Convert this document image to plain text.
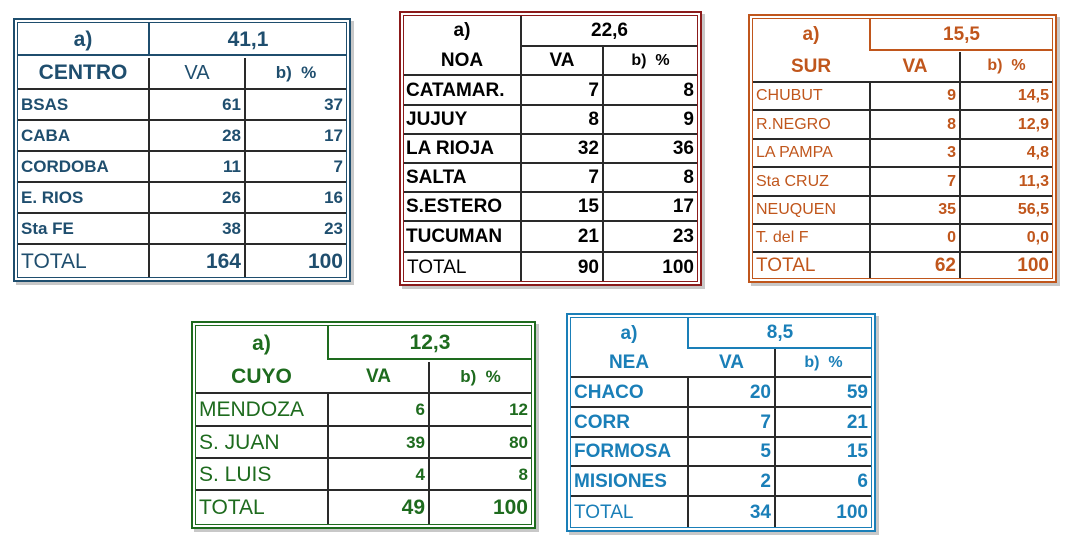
a)	41,1
CENTRO	VA	b)  %
BSAS	61	37
CABA	28	17
CORDOBA	11	7
E. RIOS	26	16
Sta FE	38	23
TOTAL	164	100
a)	22,6
NOA	VA	b)  %
CATAMAR.	7	8
JUJUY	8	9
LA RIOJA	32	36
SALTA	7	8
S.ESTERO	15	17
TUCUMAN	21	23
TOTAL	90	100
a)	15,5
SUR	VA	b)  %
CHUBUT	9	14,5
R.NEGRO	8	12,9
LA PAMPA	3	4,8
Sta CRUZ	7	11,3
NEUQUEN	35	56,5
T. del F	0	0,0
TOTAL	62	100
a)	12,3
CUYO	VA	b)  %
MENDOZA	6	12
S. JUAN	39	80
S. LUIS	4	8
TOTAL	49	100
a)	8,5
NEA	VA	b)  %
CHACO	20	59
CORR	7	21
FORMOSA	5	15
MISIONES	2	6
TOTAL	34	100
